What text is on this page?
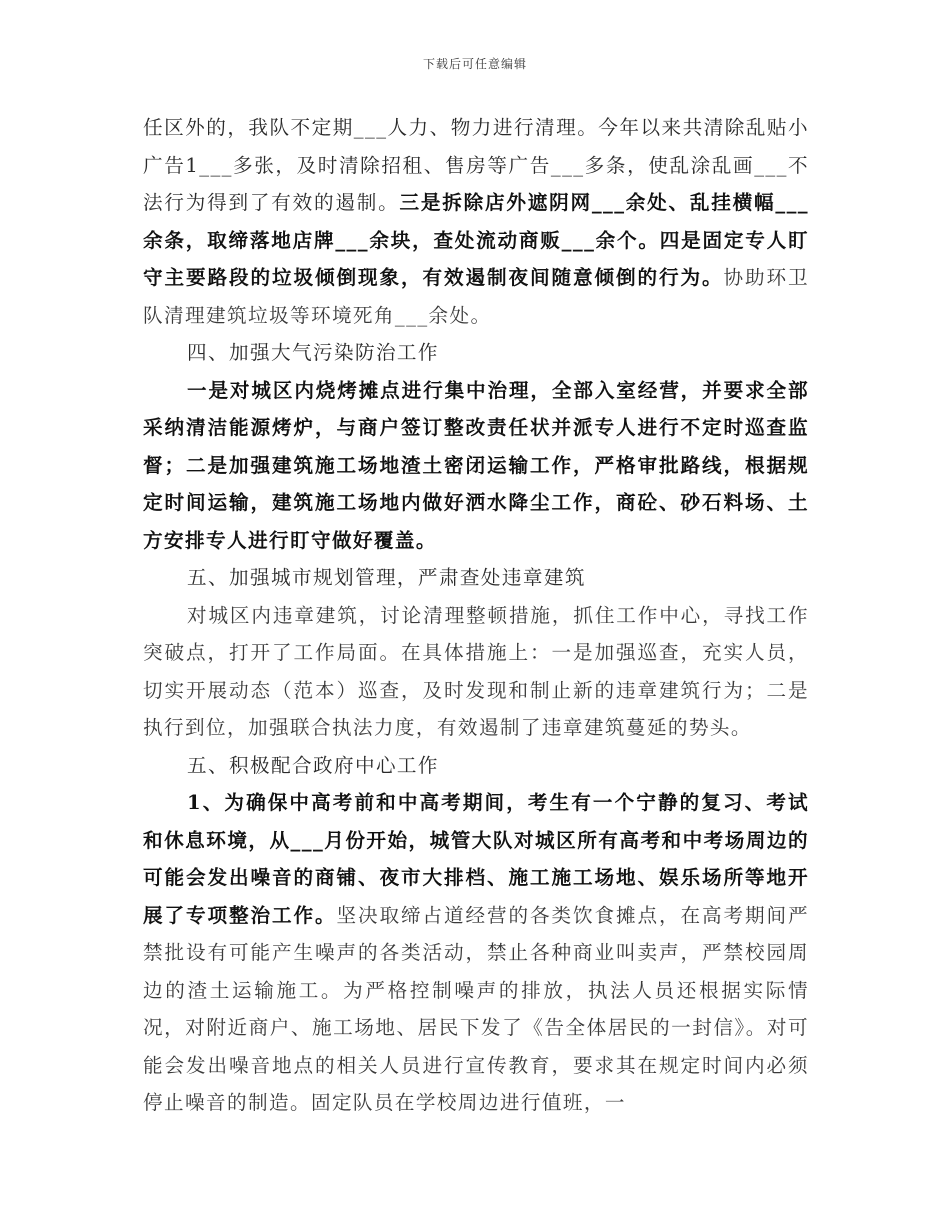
下载后可任意编辑

任区外的，我队不定期___人力、物力进行清理。今年以来共清除乱贴小广告1___多张，及时清除招租、售房等广告___多条，使乱涂乱画___不法行为得到了有效的遏制。三是拆除店外遮阴网___余处、乱挂横幅___余条，取缔落地店牌___余块，查处流动商贩___余个。四是固定专人盯守主要路段的垃圾倾倒现象，有效遏制夜间随意倾倒的行为。协助环卫队清理建筑垃圾等环境死角___余处。

四、加强大气污染防治工作

一是对城区内烧烤摊点进行集中治理，全部入室经营，并要求全部采纳清洁能源烤炉，与商户签订整改责任状并派专人进行不定时巡查监督；二是加强建筑施工场地渣土密闭运输工作，严格审批路线，根据规定时间运输，建筑施工场地内做好洒水降尘工作，商砼、砂石料场、土方安排专人进行盯守做好覆盖。

五、加强城市规划管理，严肃查处违章建筑

对城区内违章建筑，讨论清理整顿措施，抓住工作中心，寻找工作突破点，打开了工作局面。在具体措施上：一是加强巡查，充实人员，切实开展动态（范本）巡查，及时发现和制止新的违章建筑行为；二是执行到位，加强联合执法力度，有效遏制了违章建筑蔓延的势头。

五、积极配合政府中心工作

1、为确保中高考前和中高考期间，考生有一个宁静的复习、考试和休息环境，从___月份开始，城管大队对城区所有高考和中考场周边的可能会发出噪音的商铺、夜市大排档、施工施工场地、娱乐场所等地开展了专项整治工作。坚决取缔占道经营的各类饮食摊点，在高考期间严禁批设有可能产生噪声的各类活动，禁止各种商业叫卖声，严禁校园周边的渣土运输施工。为严格控制噪声的排放，执法人员还根据实际情况，对附近商户、施工场地、居民下发了《告全体居民的一封信》。对可能会发出噪音地点的相关人员进行宣传教育，要求其在规定时间内必须停止噪音的制造。固定队员在学校周边进行值班，一
